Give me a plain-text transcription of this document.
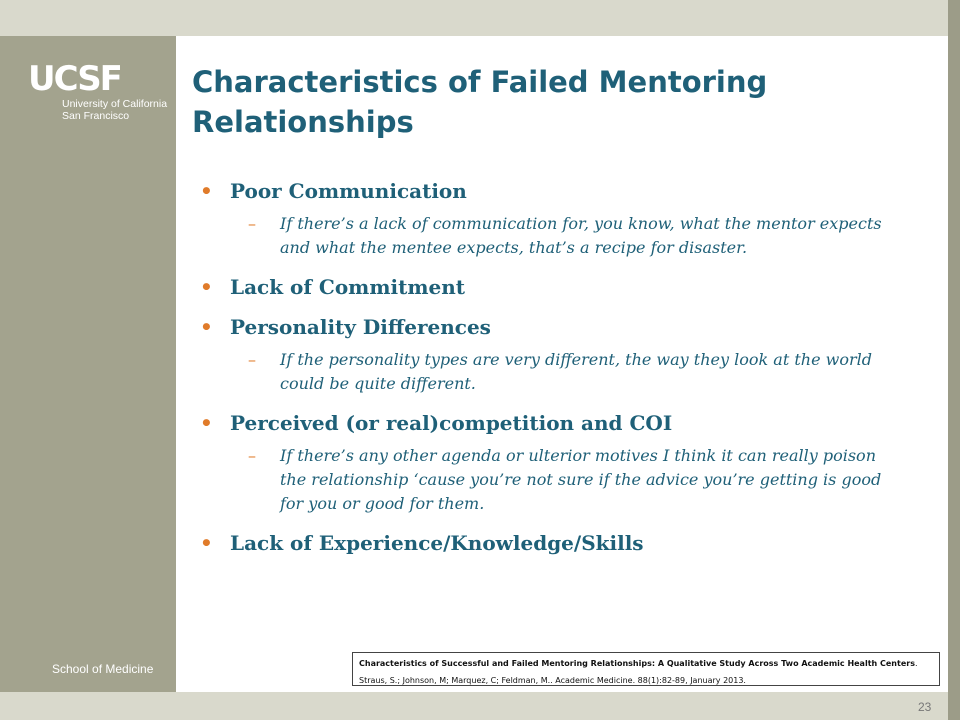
UCSF
University of California
San Francisco
School of Medicine
Characteristics of Failed Mentoring Relationships
• Poor Communication
– If there’s a lack of communication for, you know, what the mentor expects and what the mentee expects, that’s a recipe for disaster.
• Lack of Commitment
• Personality Differences
– If the personality types are very different, the way they look at the world could be quite different.
• Perceived (or real)competition and COI
– If there’s any other agenda or ulterior motives I think it can really poison the relationship ‘cause you’re not sure if the advice you’re getting is good for you or good for them.
• Lack of Experience/Knowledge/Skills
Characteristics of Successful and Failed Mentoring Relationships: A Qualitative Study Across Two Academic Health Centers. Straus, S.; Johnson, M; Marquez, C; Feldman, M.. Academic Medicine. 88(1):82-89, January 2013.
23
